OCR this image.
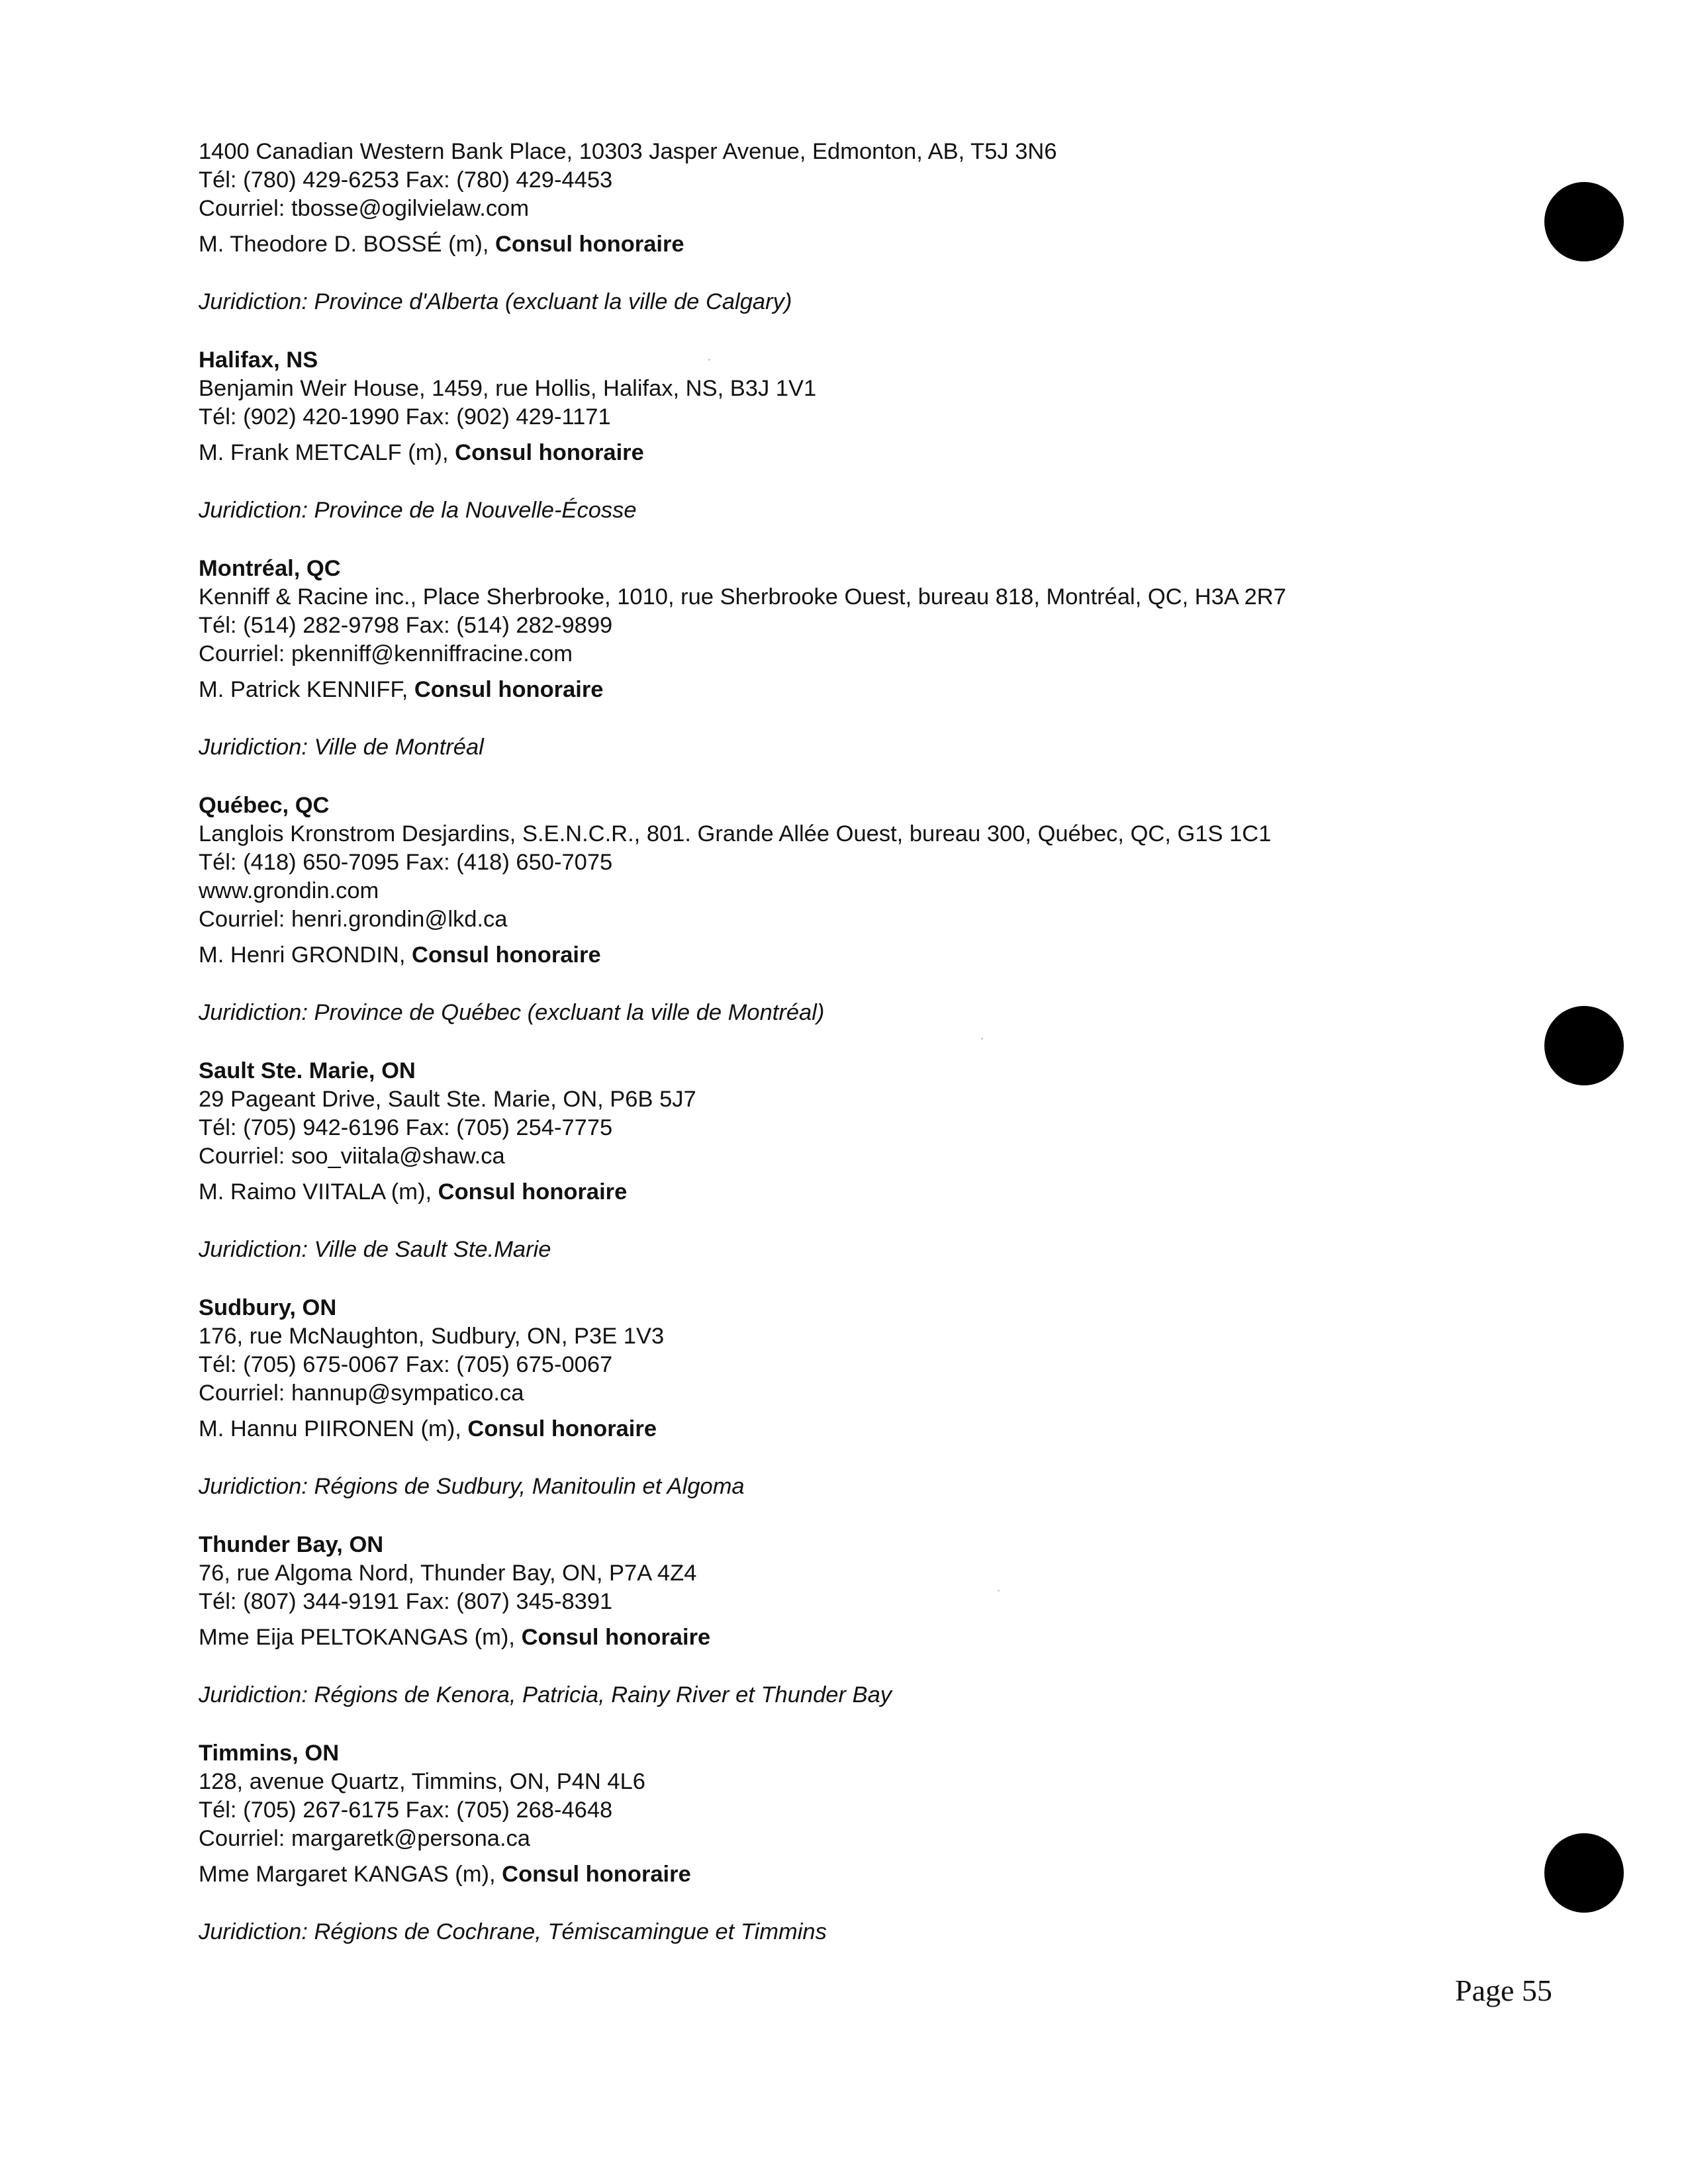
1400 Canadian Western Bank Place, 10303 Jasper Avenue, Edmonton, AB, T5J 3N6
Tél: (780) 429-6253 Fax: (780) 429-4453
Courriel: tbosse@ogilvielaw.com
M. Theodore D. BOSSÉ (m), Consul honoraire
Juridiction: Province d'Alberta (excluant la ville de Calgary)
Halifax, NS
Benjamin Weir House, 1459, rue Hollis, Halifax, NS, B3J 1V1
Tél: (902) 420-1990 Fax: (902) 429-1171
M. Frank METCALF (m), Consul honoraire
Juridiction: Province de la Nouvelle-Écosse
Montréal, QC
Kenniff & Racine inc., Place Sherbrooke, 1010, rue Sherbrooke Ouest, bureau 818, Montréal, QC, H3A 2R7
Tél: (514) 282-9798 Fax: (514) 282-9899
Courriel: pkenniff@kenniffracine.com
M. Patrick KENNIFF, Consul honoraire
Juridiction: Ville de Montréal
Québec, QC
Langlois Kronstrom Desjardins, S.E.N.C.R., 801. Grande Allée Ouest, bureau 300, Québec, QC, G1S 1C1
Tél: (418) 650-7095 Fax: (418) 650-7075
www.grondin.com
Courriel: henri.grondin@lkd.ca
M. Henri GRONDIN, Consul honoraire
Juridiction: Province de Québec (excluant la ville de Montréal)
Sault Ste. Marie, ON
29 Pageant Drive, Sault Ste. Marie, ON, P6B 5J7
Tél: (705) 942-6196 Fax: (705) 254-7775
Courriel: soo_viitala@shaw.ca
M. Raimo VIITALA (m), Consul honoraire
Juridiction: Ville de Sault Ste.Marie
Sudbury, ON
176, rue McNaughton, Sudbury, ON, P3E 1V3
Tél: (705) 675-0067 Fax: (705) 675-0067
Courriel: hannup@sympatico.ca
M. Hannu PIIRONEN (m), Consul honoraire
Juridiction: Régions de Sudbury, Manitoulin et Algoma
Thunder Bay, ON
76, rue Algoma Nord, Thunder Bay, ON, P7A 4Z4
Tél: (807) 344-9191 Fax: (807) 345-8391
Mme Eija PELTOKANGAS (m), Consul honoraire
Juridiction: Régions de Kenora, Patricia, Rainy River et Thunder Bay
Timmins, ON
128, avenue Quartz, Timmins, ON, P4N 4L6
Tél: (705) 267-6175 Fax: (705) 268-4648
Courriel: margaretk@persona.ca
Mme Margaret KANGAS (m), Consul honoraire
Juridiction: Régions de Cochrane, Témiscamingue et Timmins
Page 55
